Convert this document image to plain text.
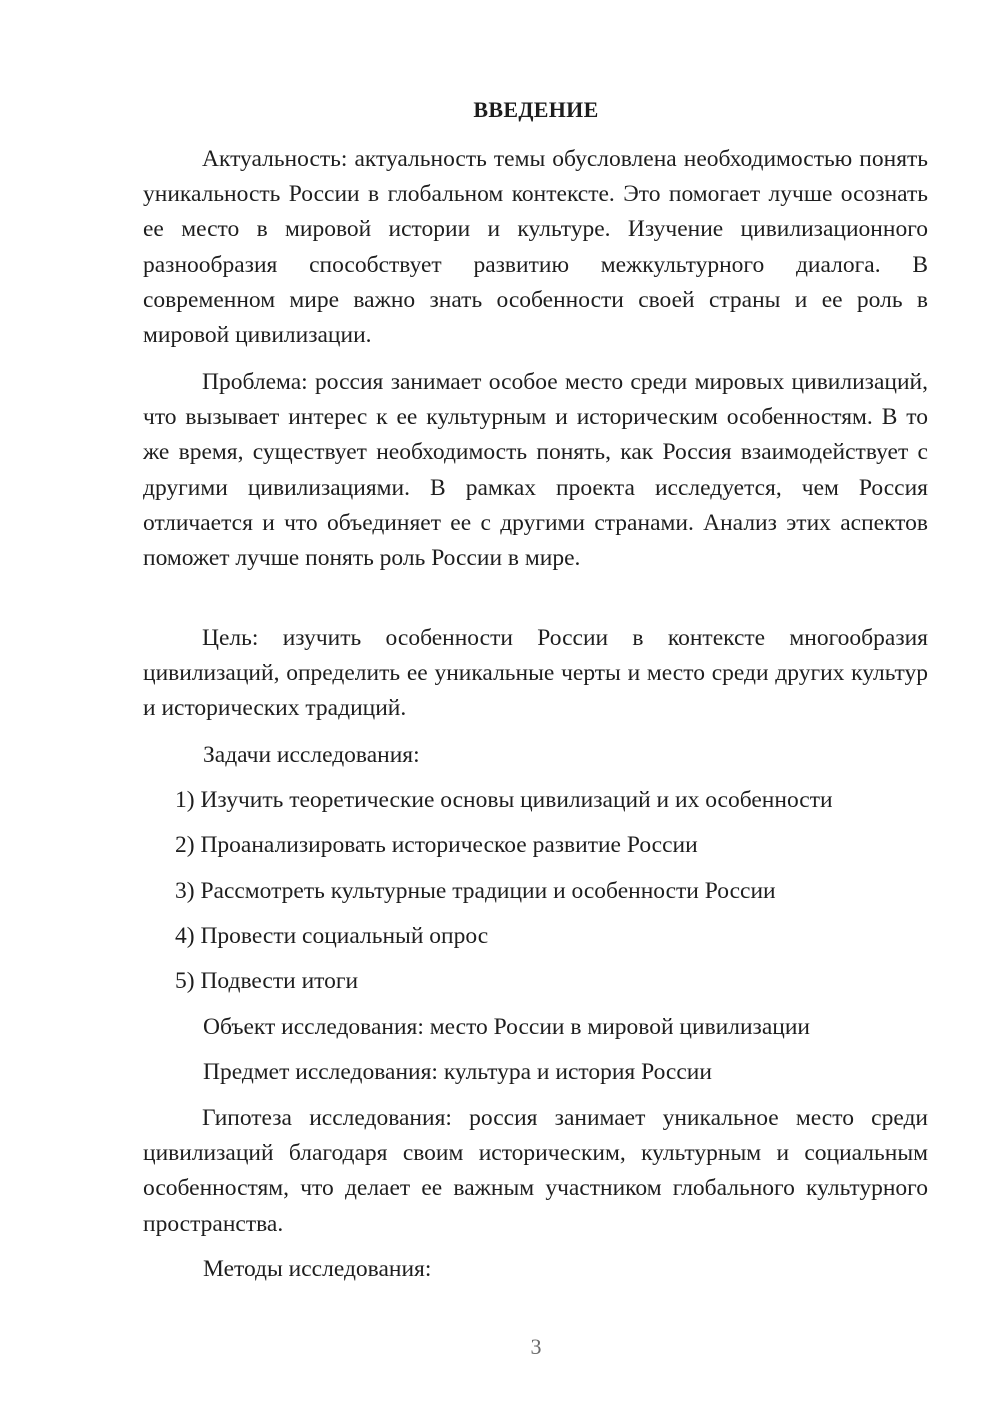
ВВЕДЕНИЕ

Актуальность: актуальность темы обусловлена необходимостью понять уникальность России в глобальном контексте. Это помогает лучше осознать ее место в мировой истории и культуре. Изучение цивилизационного разнообразия способствует развитию межкультурного диалога. В современном мире важно знать особенности своей страны и ее роль в мировой цивилизации.

Проблема: россия занимает особое место среди мировых цивилизаций, что вызывает интерес к ее культурным и историческим особенностям. В то же время, существует необходимость понять, как Россия взаимодействует с другими цивилизациями. В рамках проекта исследуется, чем Россия отличается и что объединяет ее с другими странами. Анализ этих аспектов поможет лучше понять роль России в мире.

Цель: изучить особенности России в контексте многообразия цивилизаций, определить ее уникальные черты и место среди других культур и исторических традиций.

Задачи исследования:
1) Изучить теоретические основы цивилизаций и их особенности
2) Проанализировать историческое развитие России
3) Рассмотреть культурные традиции и особенности России
4) Провести социальный опрос
5) Подвести итоги
Объект исследования: место России в мировой цивилизации
Предмет исследования: культура и история России

Гипотеза исследования: россия занимает уникальное место среди цивилизаций благодаря своим историческим, культурным и социальным особенностям, что делает ее важным участником глобального культурного пространства.

Методы исследования:
3
